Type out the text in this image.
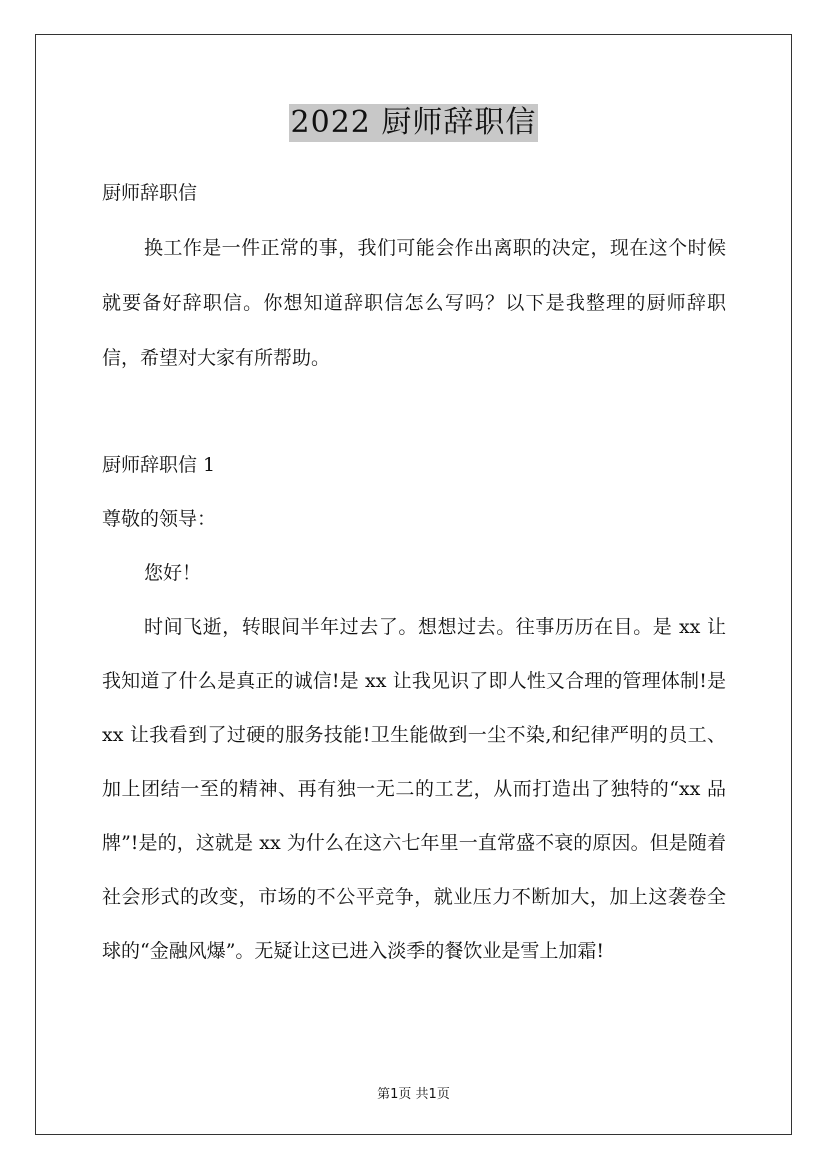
2022 厨师辞职信

厨师辞职信

换工作是一件正常的事，我们可能会作出离职的决定，现在这个时候就要备好辞职信。你想知道辞职信怎么写吗？以下是我整理的厨师辞职信，希望对大家有所帮助。

厨师辞职信 1

尊敬的领导：

您好！

时间飞逝，转眼间半年过去了。想想过去。往事历历在目。是 xx 让我知道了什么是真正的诚信!是 xx 让我见识了即人性又合理的管理体制!是 xx 让我看到了过硬的服务技能!卫生能做到一尘不染,和纪律严明的员工、加上团结一至的精神、再有独一无二的工艺，从而打造出了独特的“xx 品牌”!是的，这就是 xx 为什么在这六七年里一直常盛不衰的原因。但是随着社会形式的改变，市场的不公平竞争，就业压力不断加大，加上这袭卷全球的“金融风爆”。无疑让这已进入淡季的餐饮业是雪上加霜!

第1页 共1页
